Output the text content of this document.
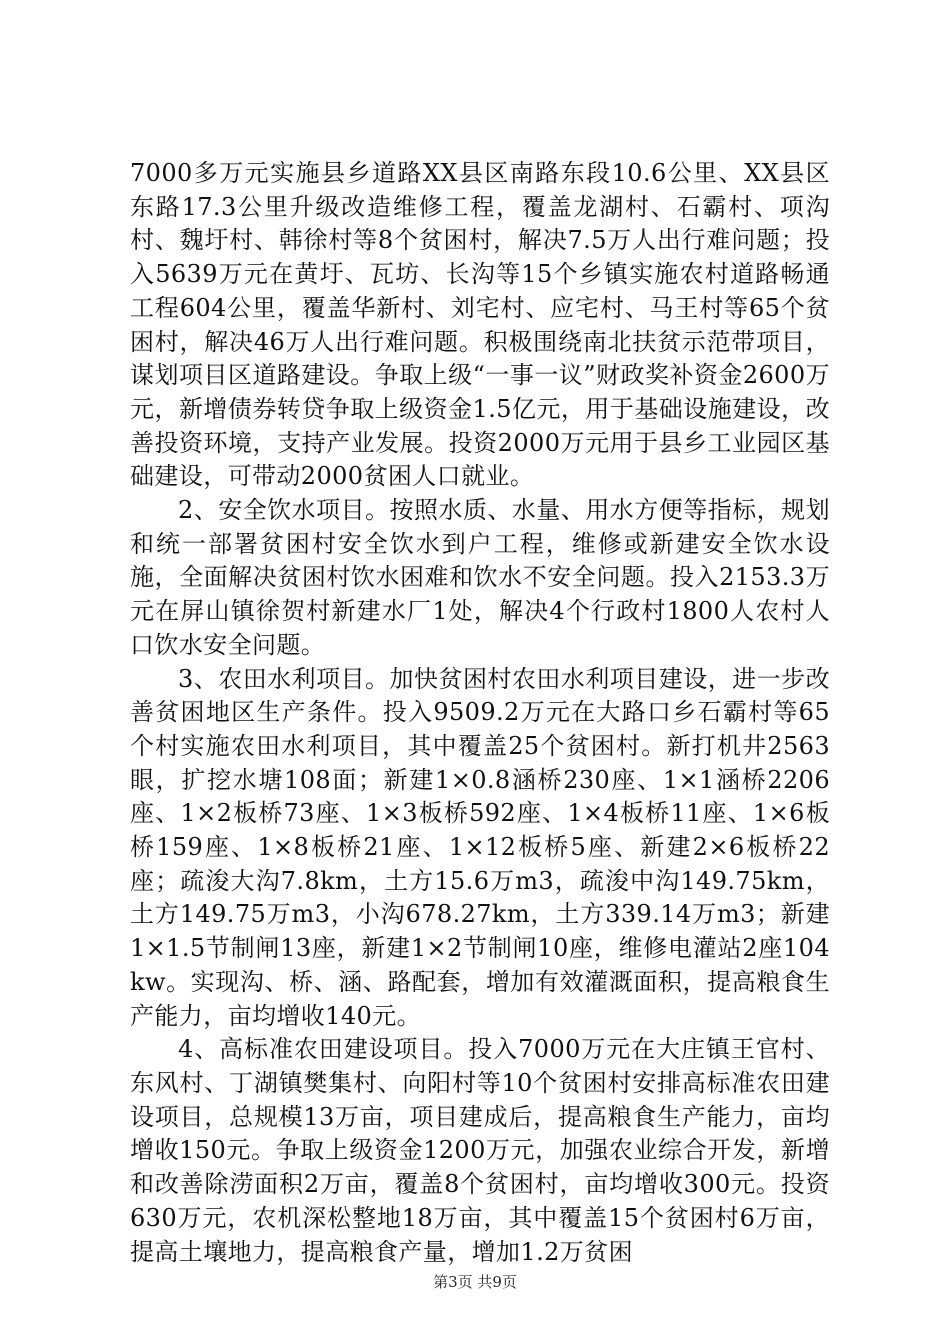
7000多万元实施县乡道路XX县区南路东段10.6公里、XX县区东路17.3公里升级改造维修工程，覆盖龙湖村、石霸村、项沟村、魏圩村、韩徐村等8个贫困村，解决7.5万人出行难问题；投入5639万元在黄圩、瓦坊、长沟等15个乡镇实施农村道路畅通工程604公里，覆盖华新村、刘宅村、应宅村、马王村等65个贫困村，解决46万人出行难问题。积极围绕南北扶贫示范带项目，谋划项目区道路建设。争取上级“一事一议”财政奖补资金2600万元，新增债券转贷争取上级资金1.5亿元，用于基础设施建设，改善投资环境，支持产业发展。投资2000万元用于县乡工业园区基础建设，可带动2000贫困人口就业。

2、安全饮水项目。按照水质、水量、用水方便等指标，规划和统一部署贫困村安全饮水到户工程，维修或新建安全饮水设施，全面解决贫困村饮水困难和饮水不安全问题。投入2153.3万元在屏山镇徐贺村新建水厂1处，解决4个行政村1800人农村人口饮水安全问题。

3、农田水利项目。加快贫困村农田水利项目建设，进一步改善贫困地区生产条件。投入9509.2万元在大路口乡石霸村等65个村实施农田水利项目，其中覆盖25个贫困村。新打机井2563眼，扩挖水塘108面；新建1×0.8涵桥230座、1×1涵桥2206座、1×2板桥73座、1×3板桥592座、1×4板桥11座、1×6板桥159座、1×8板桥21座、1×12板桥5座、新建2×6板桥22座；疏浚大沟7.8km，土方15.6万m3，疏浚中沟149.75km，土方149.75万m3，小沟678.27km，土方339.14万m3；新建1×1.5节制闸13座，新建1×2节制闸10座，维修电灌站2座104kw。实现沟、桥、涵、路配套，增加有效灌溉面积，提高粮食生产能力，亩均增收140元。

4、高标准农田建设项目。投入7000万元在大庄镇王官村、东风村、丁湖镇樊集村、向阳村等10个贫困村安排高标准农田建设项目，总规模13万亩，项目建成后，提高粮食生产能力，亩均增收150元。争取上级资金1200万元，加强农业综合开发，新增和改善除涝面积2万亩，覆盖8个贫困村，亩均增收300元。投资630万元，农机深松整地18万亩，其中覆盖15个贫困村6万亩，提高土壤地力，提高粮食产量，增加1.2万贫困

第3页 共9页
